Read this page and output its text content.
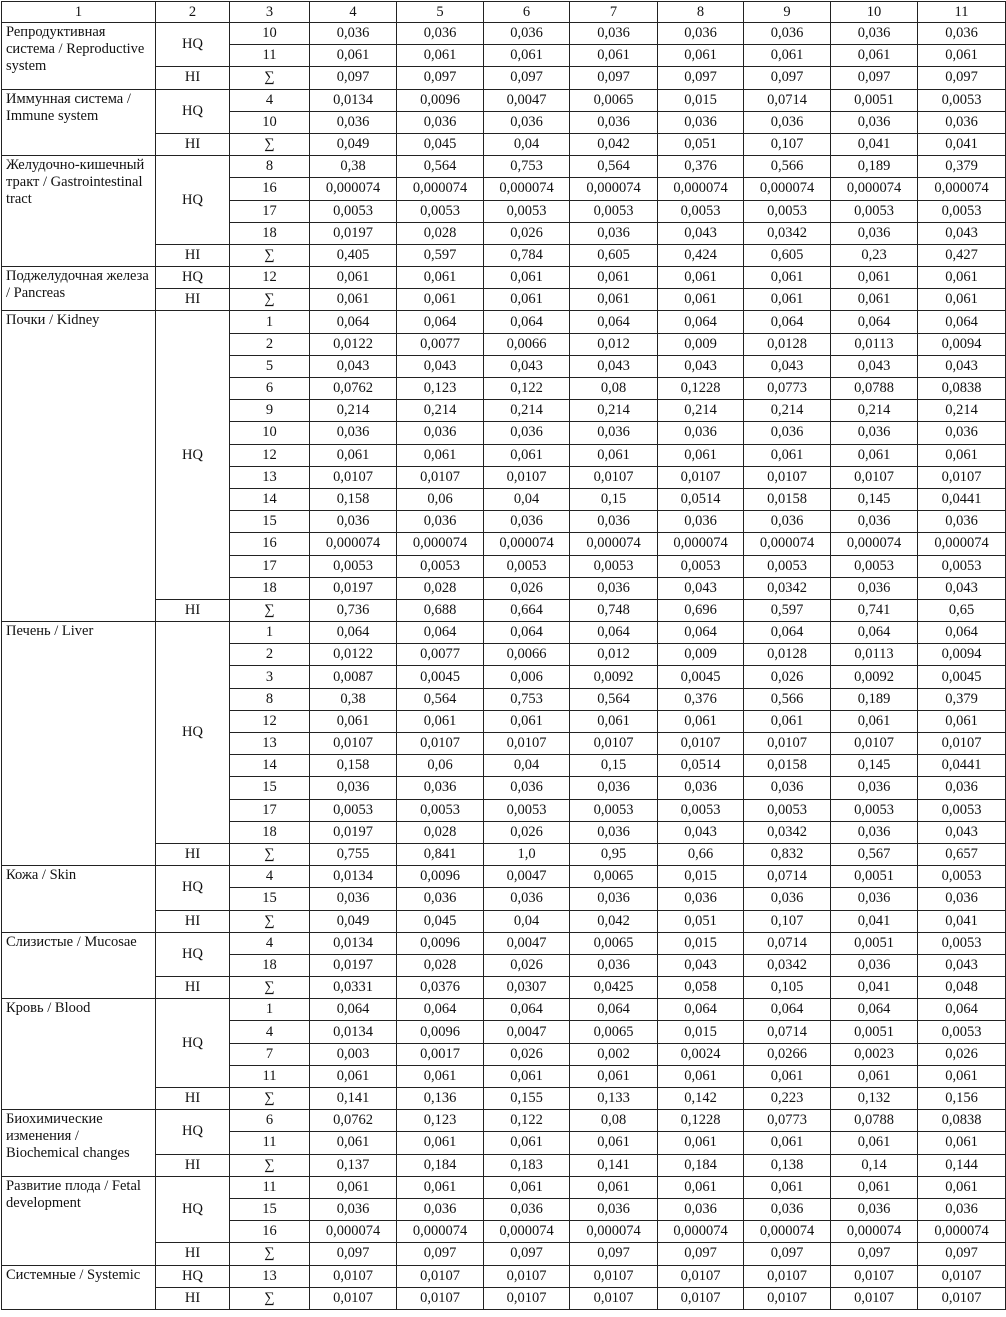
1	2	3	4	5	6	7	8	9	10	11
Репродуктивная система / Reproductive system	HQ	10	0,036	0,036	0,036	0,036	0,036	0,036	0,036	0,036
		11	0,061	0,061	0,061	0,061	0,061	0,061	0,061	0,061
	HI	∑	0,097	0,097	0,097	0,097	0,097	0,097	0,097	0,097
Иммунная система / Immune system	HQ	4	0,0134	0,0096	0,0047	0,0065	0,015	0,0714	0,0051	0,0053
		10	0,036	0,036	0,036	0,036	0,036	0,036	0,036	0,036
	HI	∑	0,049	0,045	0,04	0,042	0,051	0,107	0,041	0,041
Желудочно-кишечный тракт / Gastrointestinal tract	HQ	8	0,38	0,564	0,753	0,564	0,376	0,566	0,189	0,379
		16	0,000074	0,000074	0,000074	0,000074	0,000074	0,000074	0,000074	0,000074
		17	0,0053	0,0053	0,0053	0,0053	0,0053	0,0053	0,0053	0,0053
		18	0,0197	0,028	0,026	0,036	0,043	0,0342	0,036	0,043
	HI	∑	0,405	0,597	0,784	0,605	0,424	0,605	0,23	0,427
Поджелудочная железа / Pancreas	HQ	12	0,061	0,061	0,061	0,061	0,061	0,061	0,061	0,061
	HI	∑	0,061	0,061	0,061	0,061	0,061	0,061	0,061	0,061
Почки / Kidney	HQ	1	0,064	0,064	0,064	0,064	0,064	0,064	0,064	0,064
		2	0,0122	0,0077	0,0066	0,012	0,009	0,0128	0,0113	0,0094
		5	0,043	0,043	0,043	0,043	0,043	0,043	0,043	0,043
		6	0,0762	0,123	0,122	0,08	0,1228	0,0773	0,0788	0,0838
		9	0,214	0,214	0,214	0,214	0,214	0,214	0,214	0,214
		10	0,036	0,036	0,036	0,036	0,036	0,036	0,036	0,036
		12	0,061	0,061	0,061	0,061	0,061	0,061	0,061	0,061
		13	0,0107	0,0107	0,0107	0,0107	0,0107	0,0107	0,0107	0,0107
		14	0,158	0,06	0,04	0,15	0,0514	0,0158	0,145	0,0441
		15	0,036	0,036	0,036	0,036	0,036	0,036	0,036	0,036
		16	0,000074	0,000074	0,000074	0,000074	0,000074	0,000074	0,000074	0,000074
		17	0,0053	0,0053	0,0053	0,0053	0,0053	0,0053	0,0053	0,0053
		18	0,0197	0,028	0,026	0,036	0,043	0,0342	0,036	0,043
	HI	∑	0,736	0,688	0,664	0,748	0,696	0,597	0,741	0,65
Печень / Liver	HQ	1	0,064	0,064	0,064	0,064	0,064	0,064	0,064	0,064
		2	0,0122	0,0077	0,0066	0,012	0,009	0,0128	0,0113	0,0094
		3	0,0087	0,0045	0,006	0,0092	0,0045	0,026	0,0092	0,0045
		8	0,38	0,564	0,753	0,564	0,376	0,566	0,189	0,379
		12	0,061	0,061	0,061	0,061	0,061	0,061	0,061	0,061
		13	0,0107	0,0107	0,0107	0,0107	0,0107	0,0107	0,0107	0,0107
		14	0,158	0,06	0,04	0,15	0,0514	0,0158	0,145	0,0441
		15	0,036	0,036	0,036	0,036	0,036	0,036	0,036	0,036
		17	0,0053	0,0053	0,0053	0,0053	0,0053	0,0053	0,0053	0,0053
		18	0,0197	0,028	0,026	0,036	0,043	0,0342	0,036	0,043
	HI	∑	0,755	0,841	1,0	0,95	0,66	0,832	0,567	0,657
Кожа / Skin	HQ	4	0,0134	0,0096	0,0047	0,0065	0,015	0,0714	0,0051	0,0053
		15	0,036	0,036	0,036	0,036	0,036	0,036	0,036	0,036
	HI	∑	0,049	0,045	0,04	0,042	0,051	0,107	0,041	0,041
Слизистые / Mucosae	HQ	4	0,0134	0,0096	0,0047	0,0065	0,015	0,0714	0,0051	0,0053
		18	0,0197	0,028	0,026	0,036	0,043	0,0342	0,036	0,043
	HI	∑	0,0331	0,0376	0,0307	0,0425	0,058	0,105	0,041	0,048
Кровь / Blood	HQ	1	0,064	0,064	0,064	0,064	0,064	0,064	0,064	0,064
		4	0,0134	0,0096	0,0047	0,0065	0,015	0,0714	0,0051	0,0053
		7	0,003	0,0017	0,026	0,002	0,0024	0,0266	0,0023	0,026
		11	0,061	0,061	0,061	0,061	0,061	0,061	0,061	0,061
	HI	∑	0,141	0,136	0,155	0,133	0,142	0,223	0,132	0,156
Биохимические изменения / Biochemical changes	HQ	6	0,0762	0,123	0,122	0,08	0,1228	0,0773	0,0788	0,0838
		11	0,061	0,061	0,061	0,061	0,061	0,061	0,061	0,061
	HI	∑	0,137	0,184	0,183	0,141	0,184	0,138	0,14	0,144
Развитие плода / Fetal development	HQ	11	0,061	0,061	0,061	0,061	0,061	0,061	0,061	0,061
		15	0,036	0,036	0,036	0,036	0,036	0,036	0,036	0,036
		16	0,000074	0,000074	0,000074	0,000074	0,000074	0,000074	0,000074	0,000074
	HI	∑	0,097	0,097	0,097	0,097	0,097	0,097	0,097	0,097
Системные / Systemic	HQ	13	0,0107	0,0107	0,0107	0,0107	0,0107	0,0107	0,0107	0,0107
	HI	∑	0,0107	0,0107	0,0107	0,0107	0,0107	0,0107	0,0107	0,0107
